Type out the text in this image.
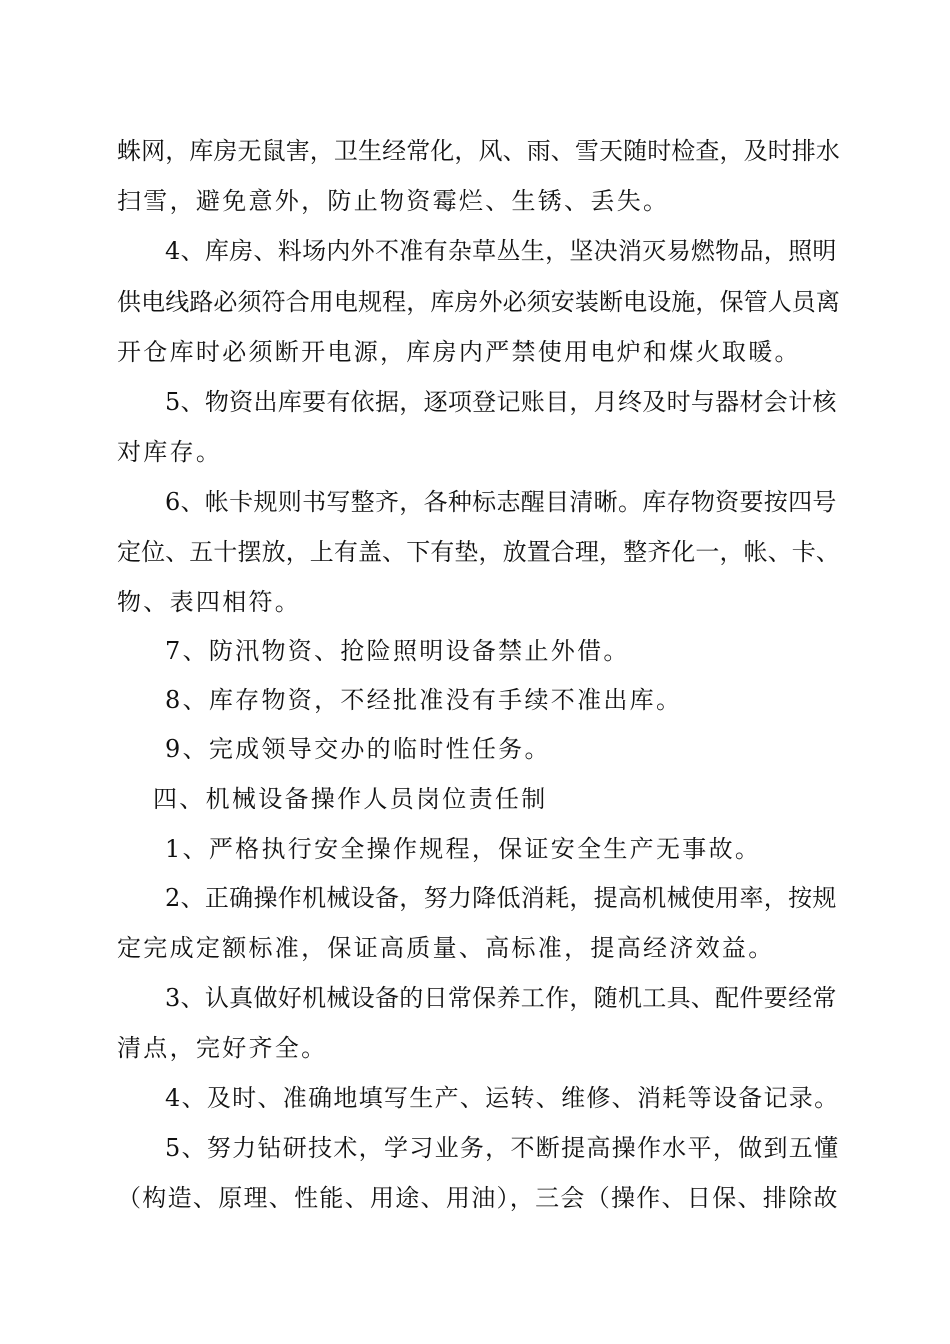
蛛网，库房无鼠害，卫生经常化，风、雨、雪天随时检查，及时排水
扫雪，避免意外，防止物资霉烂、生锈、丢失。
4、库房、料场内外不准有杂草丛生，坚决消灭易燃物品，照明
供电线路必须符合用电规程，库房外必须安装断电设施，保管人员离
开仓库时必须断开电源，库房内严禁使用电炉和煤火取暖。
5、物资出库要有依据，逐项登记账目，月终及时与器材会计核
对库存。
6、帐卡规则书写整齐，各种标志醒目清晰。库存物资要按四号
定位、五十摆放，上有盖、下有垫，放置合理，整齐化一，帐、卡、
物、表四相符。
7、防汛物资、抢险照明设备禁止外借。
8、库存物资，不经批准没有手续不准出库。
9、完成领导交办的临时性任务。
四、机械设备操作人员岗位责任制
1、严格执行安全操作规程，保证安全生产无事故。
2、正确操作机械设备，努力降低消耗，提高机械使用率，按规
定完成定额标准，保证高质量、高标准，提高经济效益。
3、认真做好机械设备的日常保养工作，随机工具、配件要经常
清点，完好齐全。
4、及时、准确地填写生产、运转、维修、消耗等设备记录。
5、努力钻研技术，学习业务，不断提高操作水平，做到五懂
（构造、原理、性能、用途、用油），三会（操作、日保、排除故
